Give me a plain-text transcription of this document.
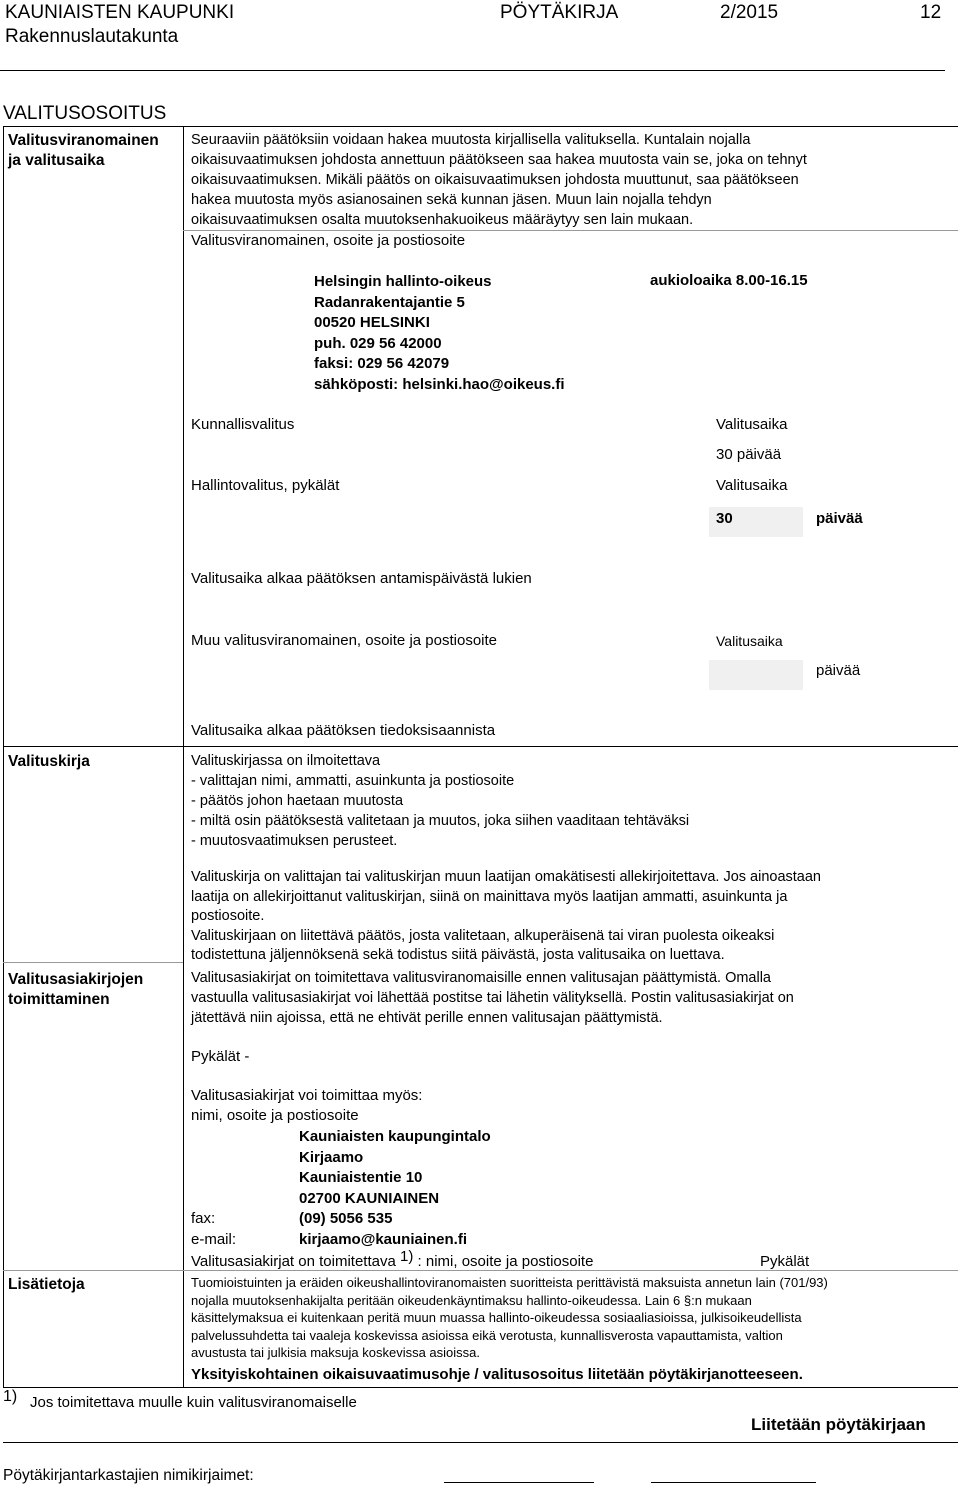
KAUNIAISTEN KAUPUNKI
Rakennuslautakunta
PÖYTÄKIRJA	2/2015	12
VALITUSOSOITUS
Valitusviranomainen
ja valitusaika
Seuraaviin päätöksiin voidaan hakea muutosta kirjallisella valituksella. Kuntalain nojalla
oikaisuvaatimuksen johdosta annettuun päätökseen saa hakea muutosta vain se, joka on tehnyt
oikaisuvaatimuksen. Mikäli päätös on oikaisuvaatimuksen johdosta muuttunut, saa päätökseen
hakea muutosta myös asianosainen sekä kunnan jäsen. Muun lain nojalla tehdyn
oikaisuvaatimuksen osalta muutoksenhakuoikeus määräytyy sen lain mukaan.
Valitusviranomainen, osoite ja postiosoite
Helsingin hallinto-oikeus
Radanrakentajantie 5
00520 HELSINKI
puh. 029 56 42000
faksi: 029 56 42079
sähköposti: helsinki.hao@oikeus.fi
aukioloaika 8.00-16.15
Kunnallisvalitus	Valitusaika
30 päivää
Hallintovalitus, pykälät	Valitusaika
30	päivää
Valitusaika alkaa päätöksen antamispäivästä lukien
Muu valitusviranomainen, osoite ja postiosoite	Valitusaika
päivää
Valitusaika alkaa päätöksen tiedoksisaannista
Valituskirja	Valituskirjassa on ilmoitettava
- valittajan nimi, ammatti, asuinkunta ja postiosoite
- päätös johon haetaan muutosta
- miltä osin päätöksestä valitetaan ja muutos, joka siihen vaaditaan tehtäväksi
- muutosvaatimuksen perusteet.
Valituskirja on valittajan tai valituskirjan muun laatijan omakätisesti allekirjoitettava. Jos ainoastaan
laatija on allekirjoittanut valituskirjan, siinä on mainittava myös laatijan ammatti, asuinkunta ja
postiosoite.
Valituskirjaan on liitettävä päätös, josta valitetaan, alkuperäisenä tai viran puolesta oikeaksi
todistettuna jäljennöksenä sekä todistus siitä päivästä, josta valitusaika on luettava.
Valitusasiakirjojen
toimittaminen
Valitusasiakirjat on toimitettava valitusviranomaisille ennen valitusajan päättymistä. Omalla
vastuulla valitusasiakirjat voi lähettää postitse tai lähetin välityksellä. Postin valitusasiakirjat on
jätettävä niin ajoissa, että ne ehtivät perille ennen valitusajan päättymistä.
Pykälät -
Valitusasiakirjat voi toimittaa myös:
nimi, osoite ja postiosoite
Kauniaisten kaupungintalo
Kirjaamo
Kauniaistentie 10
02700 KAUNIAINEN
fax:	(09) 5056 535
e-mail:	kirjaamo@kauniainen.fi
Valitusasiakirjat on toimitettava 1) : nimi, osoite ja postiosoite	Pykälät
Lisätietoja	Tuomioistuinten ja eräiden oikeushallintoviranomaisten suoritteista perittävistä maksuista annetun lain (701/93)
nojalla muutoksenhakijalta peritään oikeudenkäyntimaksu hallinto-oikeudessa. Lain 6 §:n mukaan
käsittelymaksua ei kuitenkaan peritä muun muassa hallinto-oikeudessa sosiaaliasioissa, julkisoikeudellista
palvelussuhdetta tai vaaleja koskevissa asioissa eikä verotusta, kunnallisverosta vapauttamista, valtion
avustusta tai julkisia maksuja koskevissa asioissa.
Yksityiskohtainen oikaisuvaatimusohje / valitusosoitus liitetään pöytäkirjanotteeseen.
1) Jos toimitettava muulle kuin valitusviranomaiselle
Liitetään pöytäkirjaan
Pöytäkirjantarkastajien nimikirjaimet:
